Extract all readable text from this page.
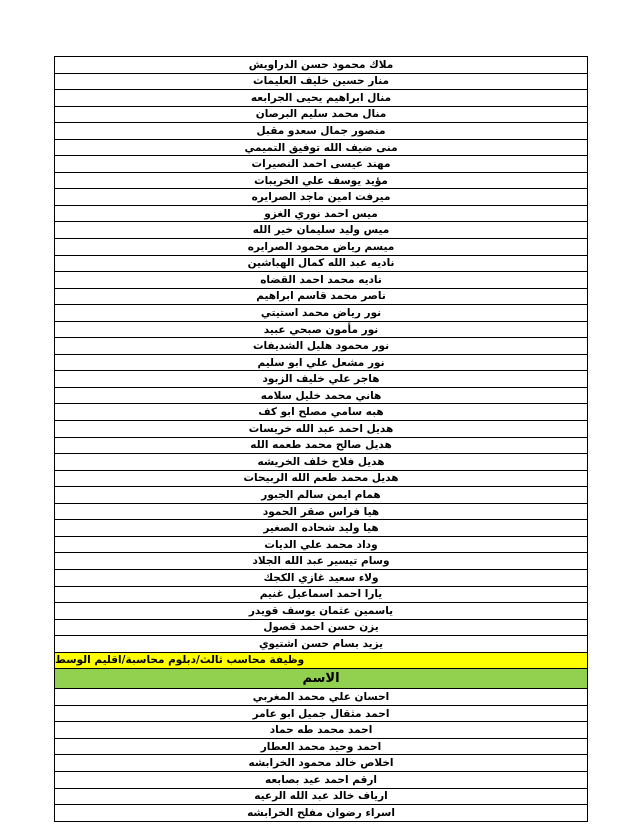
ملاك محمود حسن الدراويش
منار حسين خليف العليمات
منال ابراهيم يحيى الجرابعه
منال محمد سليم البرصان
منصور جمال سعدو مقبل
منى ضيف الله توفيق التميمي
مهند عيسى احمد النصيرات
مؤيد يوسف علي الخريبات
ميرفت امين ماجد الصرايره
ميس احمد نوري الغزو
ميس وليد سليمان خير الله
ميسم رياض محمود الصرايره
ناديه عبد الله كمال الهباشين
ناديه محمد احمد القضاه
ناصر محمد قاسم ابراهيم
نور رياض محمد استيتي
نور مأمون صبحي عبيد
نور محمود هليل الشديفات
نور مشعل علي ابو سليم
هاجر علي خليف الزبود
هاني محمد خليل سلامه
هبه سامي مصلح ابو كف
هديل احمد عبد الله خريسات
هديل صالح محمد طعمه الله
هديل فلاح خلف الخريشه
هديل محمد طعم الله الربيحات
همام ايمن سالم الجبور
هيا فراس صقر الحمود
هيا وليد شحاده الصغير
وداد محمد علي الديات
وسام تيسير عبد الله الجلاد
ولاء سعيد غازي الكجك
يارا احمد اسماعيل غنيم
ياسمين عثمان يوسف قويدر
يزن حسن احمد قصول
يزيد بسام حسن اشتيوي
وظيفة محاسب ثالث/دبلوم محاسبة/اقليم الوسط
الاسم
احسان علي محمد المغربي
احمد مثقال جميل ابو عامر
احمد محمد طه حماد
احمد وحيد محمد العطار
اخلاص خالد محمود الخرابشه
ارقم احمد عيد بصابعه
ارياف خالد عبد الله الرعيه
اسراء رضوان مفلح الخرابشه
